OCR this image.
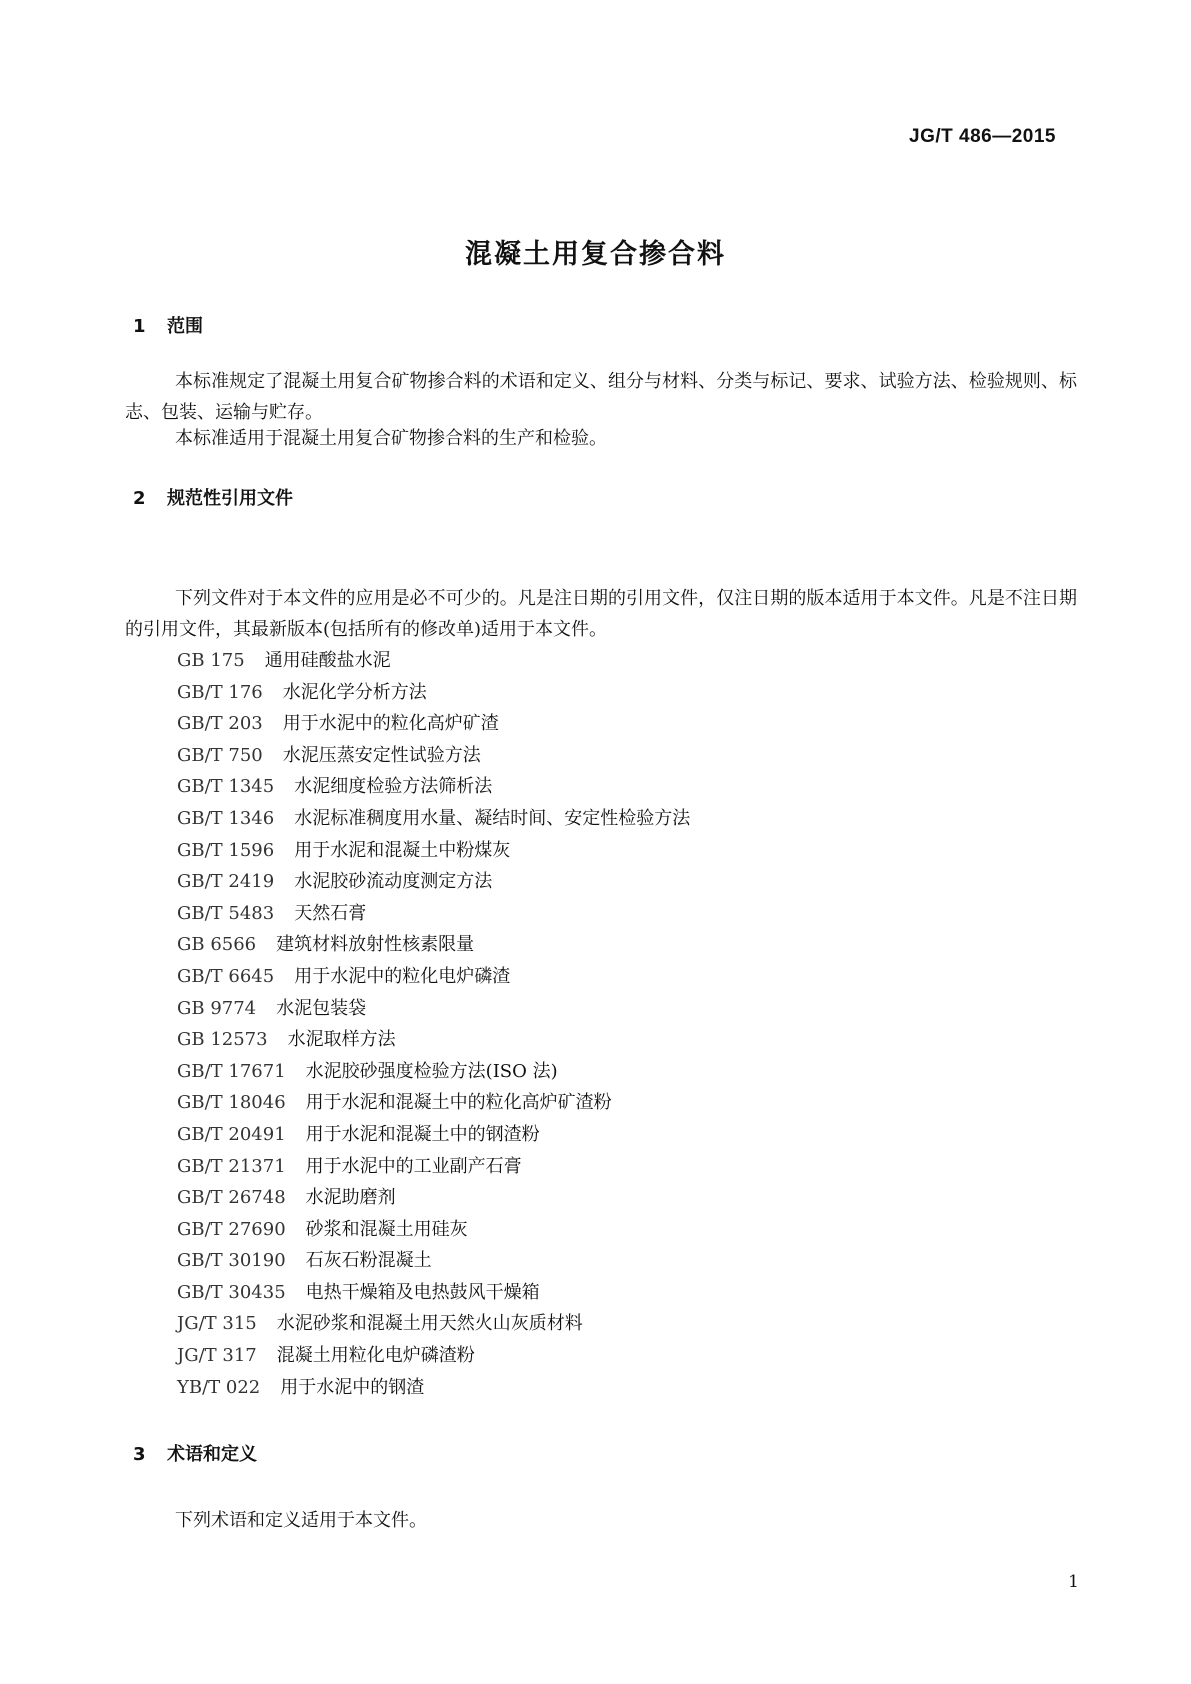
JG/T 486—2015
混凝土用复合掺合料
1 范围
本标准规定了混凝土用复合矿物掺合料的术语和定义、组分与材料、分类与标记、要求、试验方法、检验规则、标志、包装、运输与贮存。
本标准适用于混凝土用复合矿物掺合料的生产和检验。
2 规范性引用文件
下列文件对于本文件的应用是必不可少的。凡是注日期的引用文件，仅注日期的版本适用于本文件。凡是不注日期的引用文件，其最新版本(包括所有的修改单)适用于本文件。
GB 175 通用硅酸盐水泥
GB/T 176 水泥化学分析方法
GB/T 203 用于水泥中的粒化高炉矿渣
GB/T 750 水泥压蒸安定性试验方法
GB/T 1345 水泥细度检验方法筛析法
GB/T 1346 水泥标准稠度用水量、凝结时间、安定性检验方法
GB/T 1596 用于水泥和混凝土中粉煤灰
GB/T 2419 水泥胶砂流动度测定方法
GB/T 5483 天然石膏
GB 6566 建筑材料放射性核素限量
GB/T 6645 用于水泥中的粒化电炉磷渣
GB 9774 水泥包装袋
GB 12573 水泥取样方法
GB/T 17671 水泥胶砂强度检验方法(ISO 法)
GB/T 18046 用于水泥和混凝土中的粒化高炉矿渣粉
GB/T 20491 用于水泥和混凝土中的钢渣粉
GB/T 21371 用于水泥中的工业副产石膏
GB/T 26748 水泥助磨剂
GB/T 27690 砂浆和混凝土用硅灰
GB/T 30190 石灰石粉混凝土
GB/T 30435 电热干燥箱及电热鼓风干燥箱
JG/T 315 水泥砂浆和混凝土用天然火山灰质材料
JG/T 317 混凝土用粒化电炉磷渣粉
YB/T 022 用于水泥中的钢渣
3 术语和定义
下列术语和定义适用于本文件。
1
